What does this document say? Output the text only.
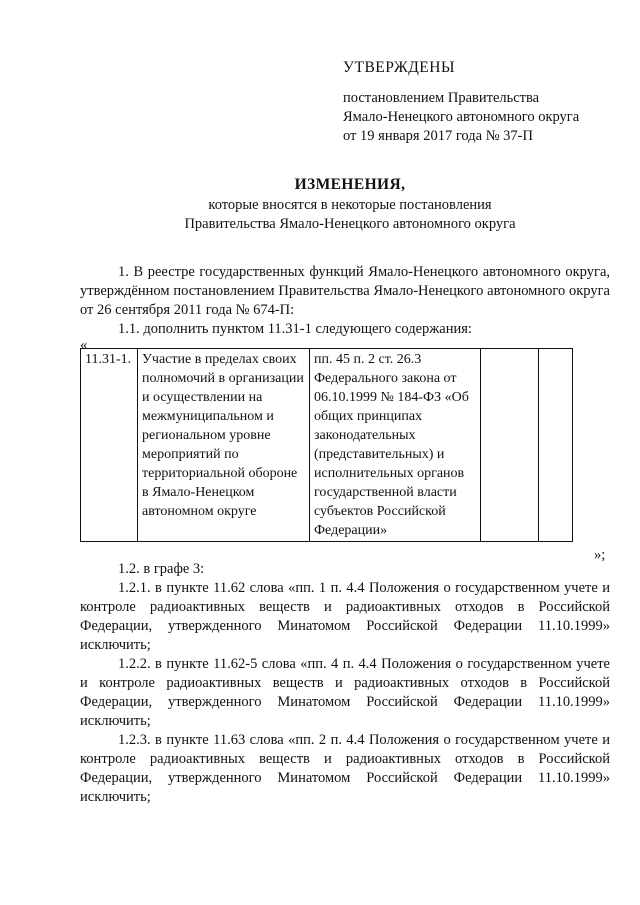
УТВЕРЖДЕНЫ
постановлением Правительства
Ямало-Ненецкого автономного округа
от 19 января 2017 года № 37-П
ИЗМЕНЕНИЯ,
которые вносятся в некоторые постановления
Правительства Ямало-Ненецкого автономного округа

1. В реестре государственных функций Ямало-Ненецкого автономного округа, утверждённом постановлением Правительства Ямало-Ненецкого автономного округа от 26 сентября 2011 года № 674-П:

1.1. дополнить пунктом 11.31-1 следующего содержания:

«
11.31-1.	Участие в пределах своих полномочий в организации и осуществлении на межмуниципальном и региональном уровне мероприятий по территориальной обороне в Ямало-Ненецком автономном округе	пп. 45 п. 2 ст. 26.3 Федерального закона от 06.10.1999 № 184-ФЗ «Об общих принципах законодательных (представительных) и исполнительных органов государственной власти субъектов Российской Федерации»		
»;

1.2. в графе 3:

1.2.1. в пункте 11.62 слова «пп. 1 п. 4.4 Положения о государственном учете и контроле радиоактивных веществ и радиоактивных отходов в Российской Федерации, утвержденного Минатомом Российской Федерации 11.10.1999» исключить;

1.2.2. в пункте 11.62-5 слова «пп. 4 п. 4.4 Положения о государственном учете и контроле радиоактивных веществ и радиоактивных отходов в Российской Федерации, утвержденного Минатомом Российской Федерации 11.10.1999» исключить;

1.2.3. в пункте 11.63 слова «пп. 2 п. 4.4 Положения о государственном учете и контроле радиоактивных веществ и радиоактивных отходов в Российской Федерации, утвержденного Минатомом Российской Федерации 11.10.1999» исключить;
